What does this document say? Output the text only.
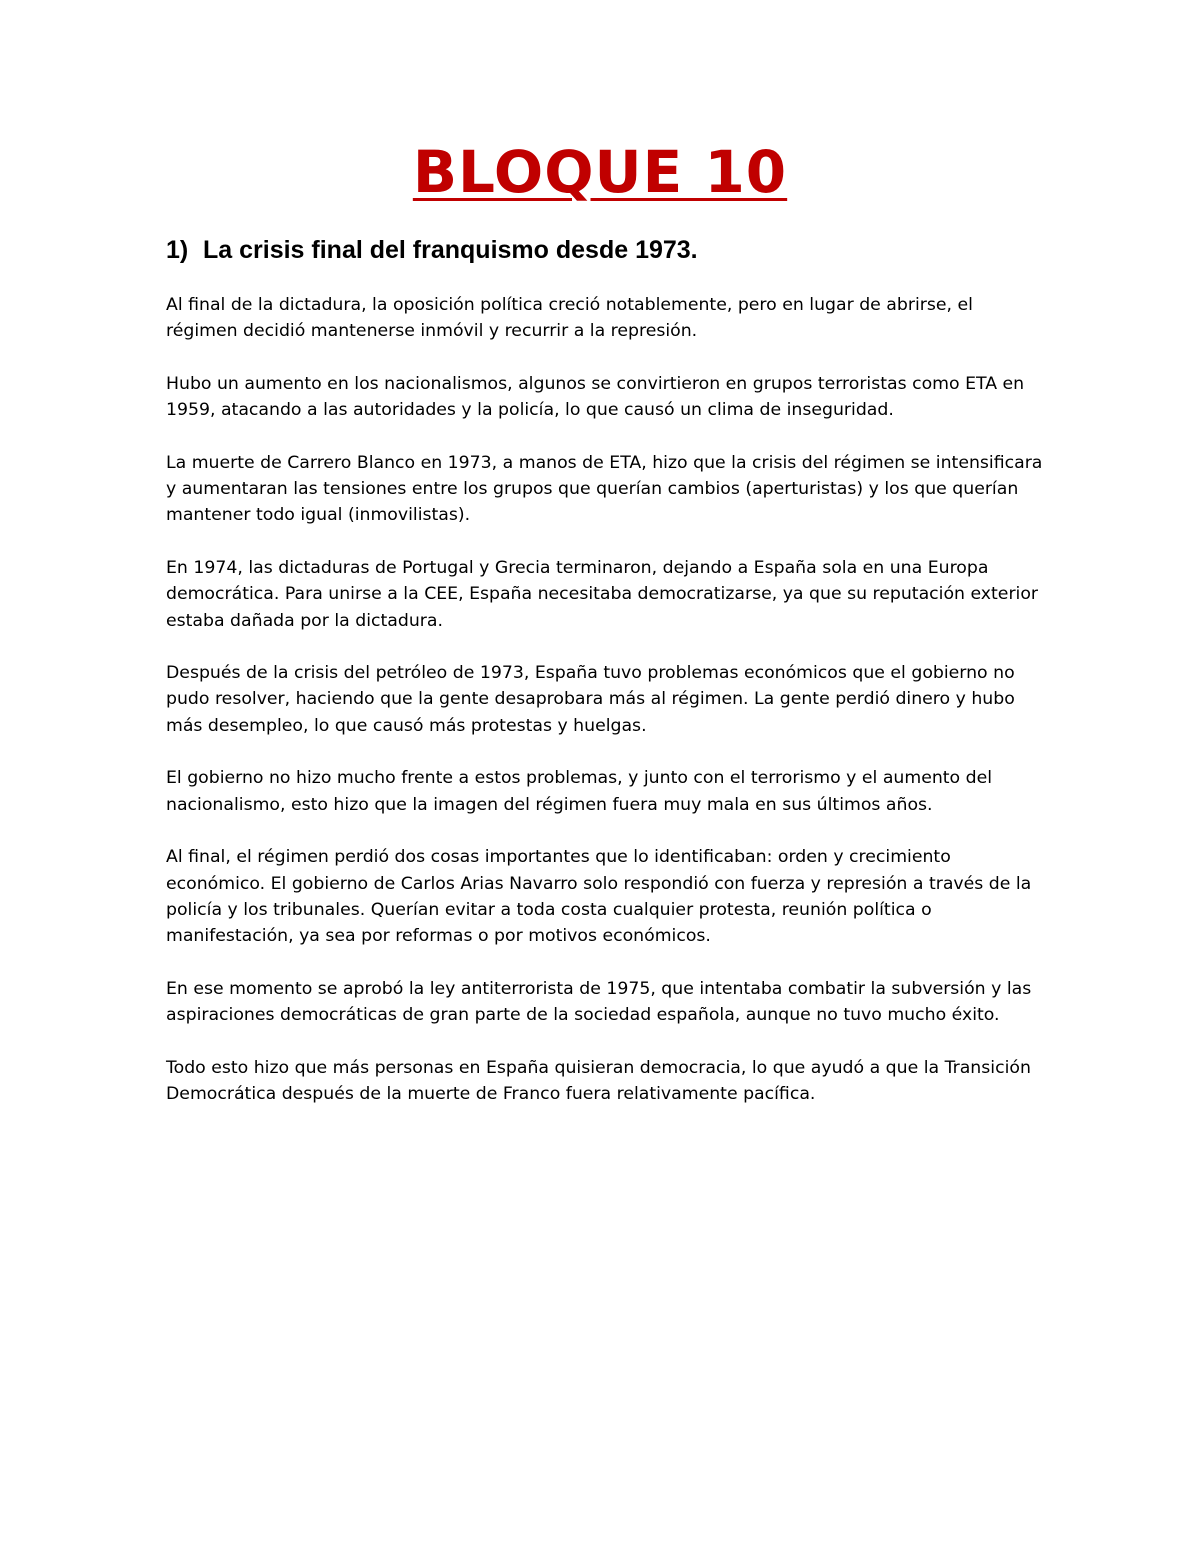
BLOQUE 10
1) La crisis final del franquismo desde 1973.

Al final de la dictadura, la oposición política creció notablemente, pero en lugar de abrirse, el régimen decidió mantenerse inmóvil y recurrir a la represión.

Hubo un aumento en los nacionalismos, algunos se convirtieron en grupos terroristas como ETA en 1959, atacando a las autoridades y la policía, lo que causó un clima de inseguridad.

La muerte de Carrero Blanco en 1973, a manos de ETA, hizo que la crisis del régimen se intensificara y aumentaran las tensiones entre los grupos que querían cambios (aperturistas) y los que querían mantener todo igual (inmovilistas).

En 1974, las dictaduras de Portugal y Grecia terminaron, dejando a España sola en una Europa democrática. Para unirse a la CEE, España necesitaba democratizarse, ya que su reputación exterior estaba dañada por la dictadura.

Después de la crisis del petróleo de 1973, España tuvo problemas económicos que el gobierno no pudo resolver, haciendo que la gente desaprobara más al régimen. La gente perdió dinero y hubo más desempleo, lo que causó más protestas y huelgas.

El gobierno no hizo mucho frente a estos problemas, y junto con el terrorismo y el aumento del nacionalismo, esto hizo que la imagen del régimen fuera muy mala en sus últimos años.

Al final, el régimen perdió dos cosas importantes que lo identificaban: orden y crecimiento económico. El gobierno de Carlos Arias Navarro solo respondió con fuerza y represión a través de la policía y los tribunales. Querían evitar a toda costa cualquier protesta, reunión política o manifestación, ya sea por reformas o por motivos económicos.

En ese momento se aprobó la ley antiterrorista de 1975, que intentaba combatir la subversión y las aspiraciones democráticas de gran parte de la sociedad española, aunque no tuvo mucho éxito.

Todo esto hizo que más personas en España quisieran democracia, lo que ayudó a que la Transición Democrática después de la muerte de Franco fuera relativamente pacífica.
